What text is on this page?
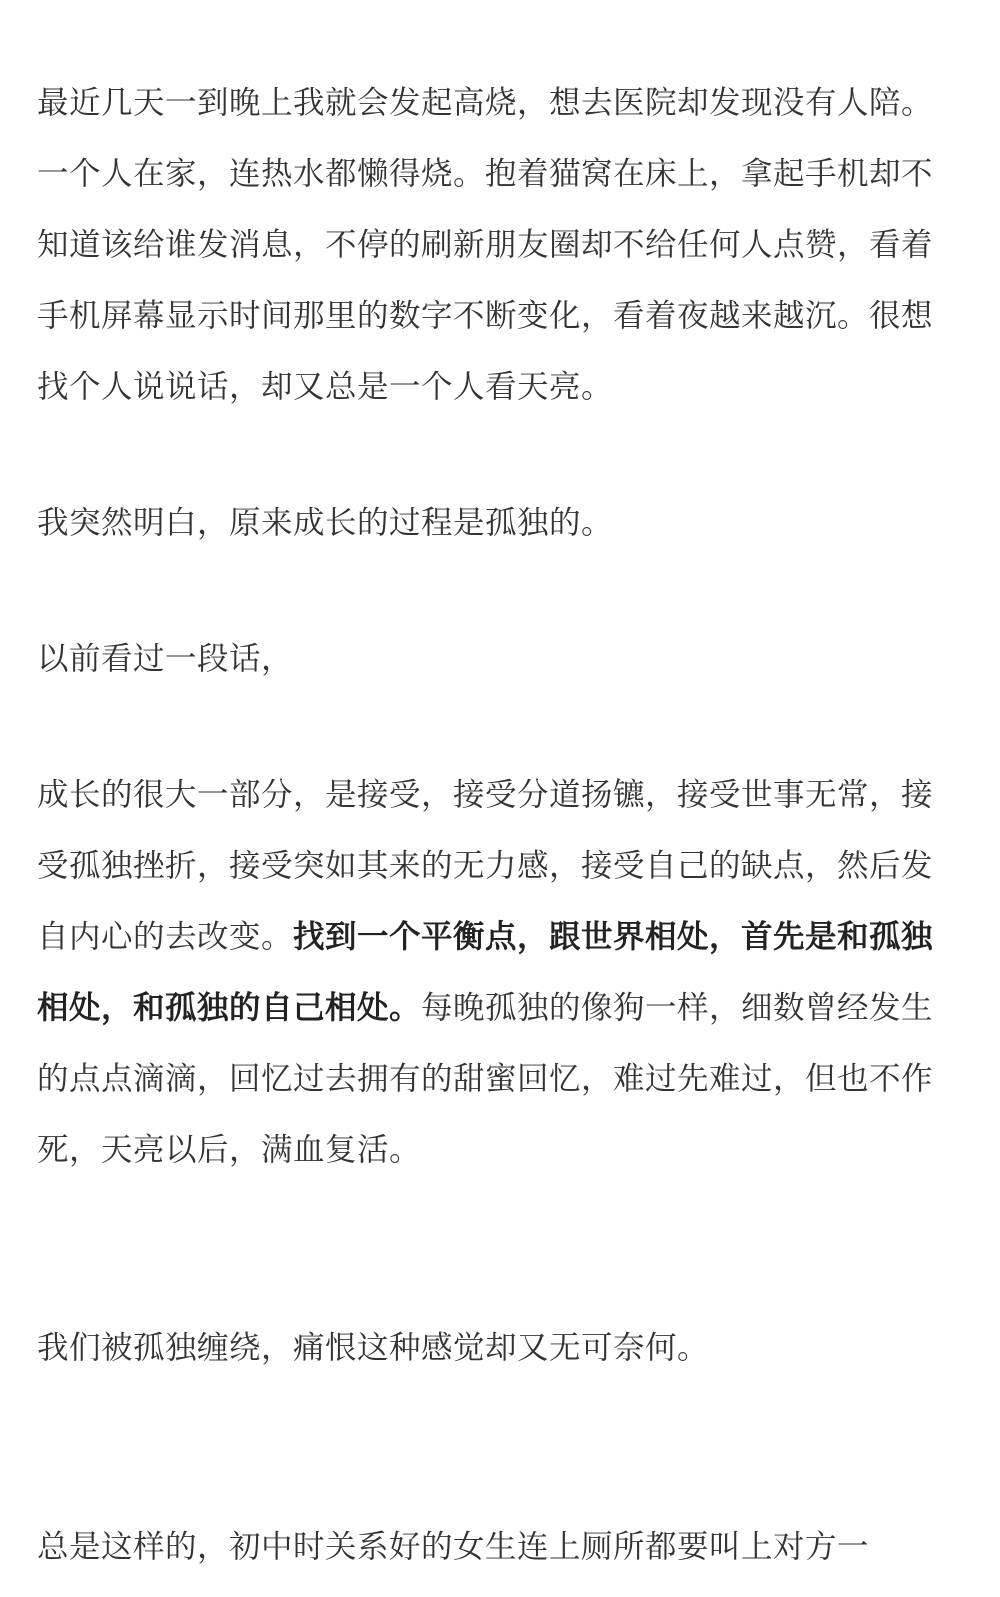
最近几天一到晚上我就会发起高烧，想去医院却发现没有人陪。一个人在家，连热水都懒得烧。抱着猫窝在床上，拿起手机却不知道该给谁发消息，不停的刷新朋友圈却不给任何人点赞，看着手机屏幕显示时间那里的数字不断变化，看着夜越来越沉。很想找个人说说话，却又总是一个人看天亮。

我突然明白，原来成长的过程是孤独的。

以前看过一段话，

成长的很大一部分，是接受，接受分道扬镳，接受世事无常，接受孤独挫折，接受突如其来的无力感，接受自己的缺点，然后发自内心的去改变。找到一个平衡点，跟世界相处，首先是和孤独相处，和孤独的自己相处。每晚孤独的像狗一样，细数曾经发生的点点滴滴，回忆过去拥有的甜蜜回忆，难过先难过，但也不作死，天亮以后，满血复活。

我们被孤独缠绕，痛恨这种感觉却又无可奈何。

总是这样的，初中时关系好的女生连上厕所都要叫上对方一
